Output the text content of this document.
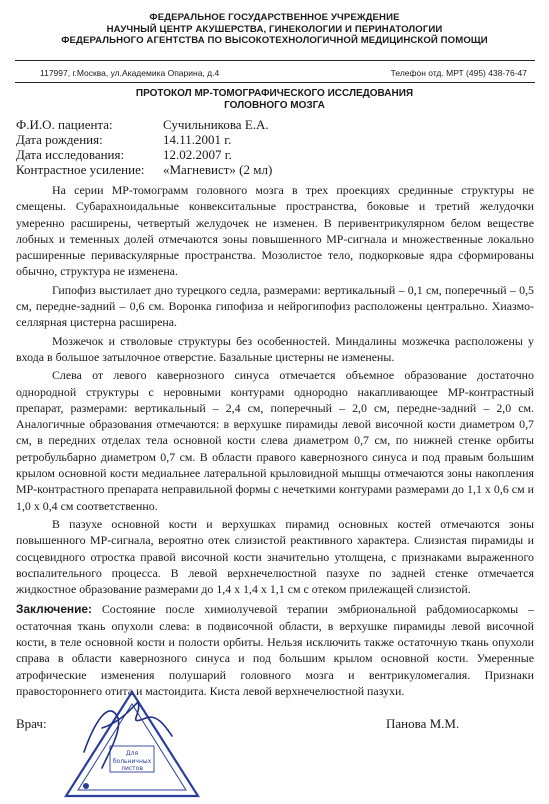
ФЕДЕРАЛЬНОЕ ГОСУДАРСТВЕННОЕ УЧРЕЖДЕНИЕ
НАУЧНЫЙ ЦЕНТР АКУШЕРСТВА, ГИНЕКОЛОГИИ И ПЕРИНАТОЛОГИИ
ФЕДЕРАЛЬНОГО АГЕНТСТВА ПО ВЫСОКОТЕХНОЛОГИЧНОЙ МЕДИЦИНСКОЙ ПОМОЩИ
117997, г.Москва, ул.Академика Опарина, д.4	Телефон отд. МРТ (495) 438-76-47
ПРОТОКОЛ МР-ТОМОГРАФИЧЕСКОГО ИССЛЕДОВАНИЯ
ГОЛОВНОГО МОЗГА
Ф.И.О. пациента:	Сучильникова Е.А.
Дата рождения:	14.11.2001 г.
Дата исследования:	12.02.2007 г.
Контрастное усиление: «Магневист» (2 мл)

На серии МР-томограмм головного мозга в трех проекциях срединные структуры не смещены. Субарахноидальные конвекситальные пространства, боковые и третий желудочки умеренно расширены, четвертый желудочек не изменен. В перивентрикулярном белом веществе лобных и теменных долей отмечаются зоны повышенного МР-сигнала и множественные локально расширенные периваскулярные пространства. Мозолистое тело, подкорковые ядра сформированы обычно, структура не изменена.

Гипофиз выстилает дно турецкого седла, размерами: вертикальный – 0,1 см, поперечный – 0,5 см, передне-задний – 0,6 см. Воронка гипофиза и нейрогипофиз расположены центрально. Хиазмо-селлярная цистерна расширена.

Мозжечок и стволовые структуры без особенностей. Миндалины мозжечка расположены у входа в большое затылочное отверстие. Базальные цистерны не изменены.

Слева от левого кавернозного синуса отмечается объемное образование достаточно однородной структуры с неровными контурами однородно накапливающее МР-контрастный препарат, размерами: вертикальный – 2,4 см, поперечный – 2,0 см, передне-задний – 2,0 см. Аналогичные образования отмечаются: в верхушке пирамиды левой височной кости диаметром 0,7 см, в передних отделах тела основной кости слева диаметром 0,7 см, по нижней стенке орбиты ретробульбарно диаметром 0,7 см. В области правого кавернозного синуса и под правым большим крылом основной кости медиальнее латеральной крыловидной мышцы отмечаются зоны накопления МР-контрастного препарата неправильной формы с нечеткими контурами размерами до 1,1 х 0,6 см и 1,0 х 0,4 см соответственно.

В пазухе основной кости и верхушках пирамид основных костей отмечаются зоны повышенного МР-сигнала, вероятно отек слизистой реактивного характера. Слизистая пирамиды и сосцевидного отростка правой височной кости значительно утолщена, с признаками выраженного воспалительного процесса. В левой верхнечелюстной пазухе по задней стенке отмечается жидкостное образование размерами до 1,4 х 1,4 х 1,1 см с отеком прилежащей слизистой.

Заключение: Состояние после химиолучевой терапии эмбриональной рабдомиосаркомы – остаточная ткань опухоли слева: в подвисочной области, в верхушке пирамиды левой височной кости, в теле основной кости и полости орбиты. Нельзя исключить также остаточную ткань опухоли справа в области кавернозного синуса и под большим крылом основной кости. Умеренные атрофические изменения полушарий головного мозга и вентрикуломегалия. Признаки правостороннего отита и мастоидита. Киста левой верхнечелюстной пазухи.

Для
больничных
листов
Врач:	Панова М.М.
